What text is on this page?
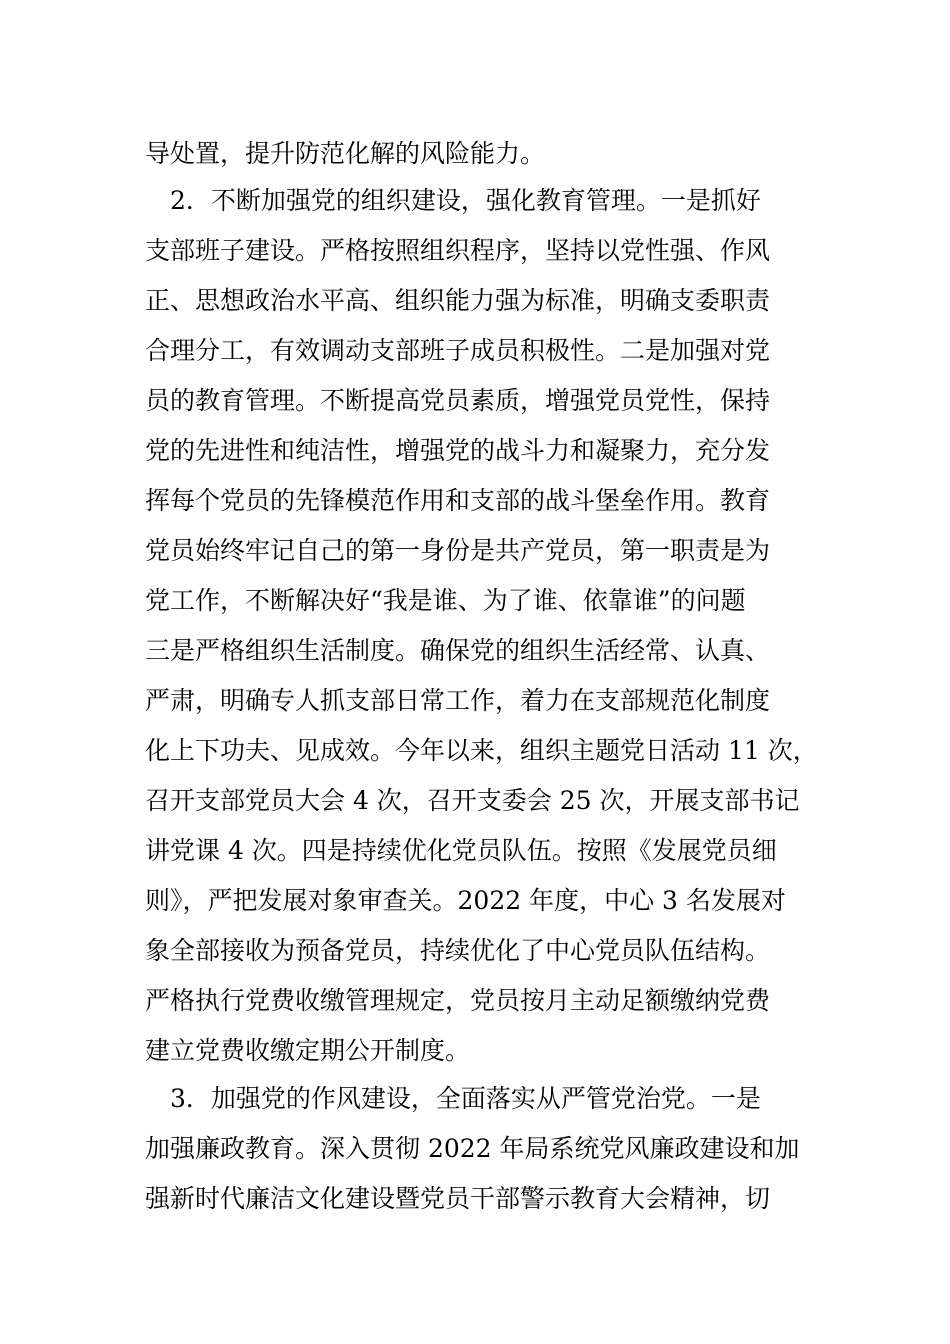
导处置，提升防范化解的风险能力。
　2．不断加强党的组织建设，强化教育管理。一是抓好
支部班子建设。严格按照组织程序，坚持以党性强、作风
正、思想政治水平高、组织能力强为标准，明确支委职责
合理分工，有效调动支部班子成员积极性。二是加强对党
员的教育管理。不断提高党员素质，增强党员党性，保持
党的先进性和纯洁性，增强党的战斗力和凝聚力，充分发
挥每个党员的先锋模范作用和支部的战斗堡垒作用。教育
党员始终牢记自己的第一身份是共产党员，第一职责是为
党工作，不断解决好“我是谁、为了谁、依靠谁”的问题
三是严格组织生活制度。确保党的组织生活经常、认真、
严肃，明确专人抓支部日常工作，着力在支部规范化制度
化上下功夫、见成效。今年以来，组织主题党日活动 11 次，
召开支部党员大会 4 次，召开支委会 25 次，开展支部书记
讲党课 4 次。四是持续优化党员队伍。按照《发展党员细
则》，严把发展对象审查关。2022 年度，中心 3 名发展对
象全部接收为预备党员，持续优化了中心党员队伍结构。
严格执行党费收缴管理规定，党员按月主动足额缴纳党费
建立党费收缴定期公开制度。
　3．加强党的作风建设，全面落实从严管党治党。一是
加强廉政教育。深入贯彻 2022 年局系统党风廉政建设和加
强新时代廉洁文化建设暨党员干部警示教育大会精神，切
